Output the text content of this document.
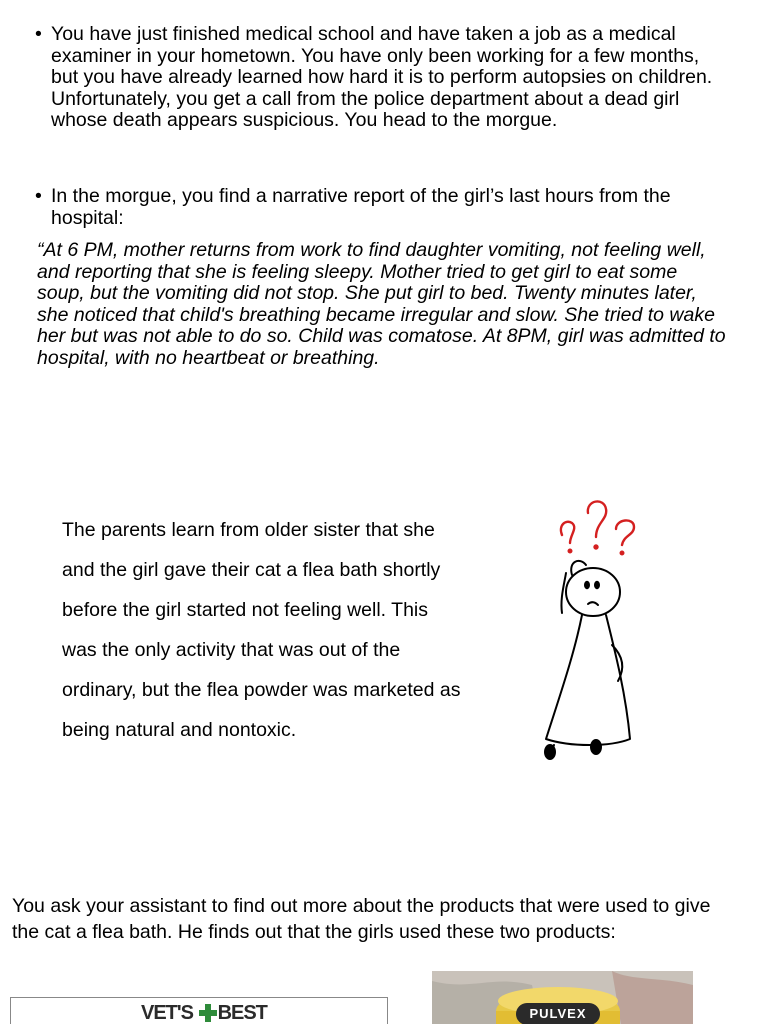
• You have just finished medical school and have taken a job as a medical examiner in your hometown. You have only been working for a few months, but you have already learned how hard it is to perform autopsies on children. Unfortunately, you get a call from the police department about a dead girl whose death appears suspicious. You head to the morgue.
• In the morgue, you find a narrative report of the girl’s last hours from the hospital:
“At 6 PM, mother returns from work to find daughter vomiting, not feeling well, and reporting that she is feeling sleepy. Mother tried to get girl to eat some soup, but the vomiting did not stop. She put girl to bed. Twenty minutes later, she noticed that child's breathing became irregular and slow. She tried to wake her but was not able to do so. Child was comatose. At 8PM, girl was admitted to hospital, with no heartbeat or breathing.
The parents learn from older sister that she and the girl gave their cat a flea bath shortly before the girl started not feeling well. This was the only activity that was out of the ordinary, but the flea powder was marketed as being natural and nontoxic.
You ask your assistant to find out more about the products that were used to give the cat a flea bath. He finds out that the girls used these two products:
VET'S BEST	PULVEX
